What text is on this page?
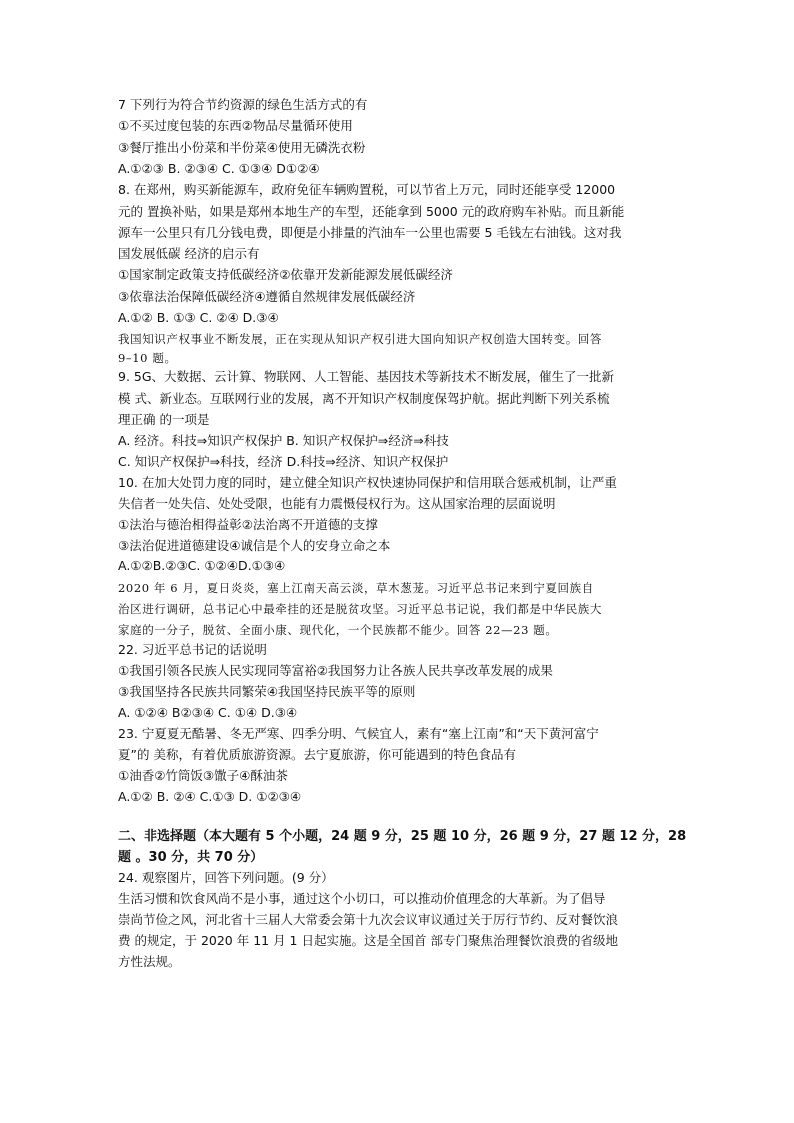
7 下列行为符合节约资源的绿色生活方式的有
①不买过度包装的东西②物品尽量循环使用
③餐厅推出小份菜和半份菜④使用无磷洗衣粉
A.①②③ B. ②③④ C. ①③④ D①②④
8. 在郑州，购买新能源车，政府免征车辆购置税，可以节省上万元，同时还能享受 12000
元的 置换补贴，如果是郑州本地生产的车型，还能拿到 5000 元的政府购车补贴。而且新能
源车一公里只有几分钱电费，即便是小排量的汽油车一公里也需要 5 毛钱左右油钱。这对我
国发展低碳 经济的启示有
①国家制定政策支持低碳经济②依靠开发新能源发展低碳经济
③依靠法治保障低碳经济④遵循自然规律发展低碳经济
A.①② B. ①③ C. ②④ D.③④
我国知识产权事业不断发展，正在实现从知识产权引进大国向知识产权创造大国转变。回答
9–10 题。
9. 5G、大数据、云计算、物联网、人工智能、基因技术等新技术不断发展，催生了一批新
模 式、新业态。互联网行业的发展，离不开知识产权制度保驾护航。据此判断下列关系梳
理正确 的一项是
A. 经济。科技⇒知识产权保护 B. 知识产权保护⇒经济⇒科技
C. 知识产权保护⇒科技，经济 D.科技⇒经济、知识产权保护
10. 在加大处罚力度的同时，建立健全知识产权快速协同保护和信用联合惩戒机制，让严重
失信者一处失信、处处受限，也能有力震慑侵权行为。这从国家治理的层面说明
①法治与德治相得益彰②法治离不开道德的支撑
③法治促进道德建设④诚信是个人的安身立命之本
A.①②B.②③C. ①②④D.①③④
2020 年 6 月，夏日炎炎，塞上江南天高云淡，草木葱茏。习近平总书记来到宁夏回族自
治区进行调研，总书记心中最牵挂的还是脱贫攻坚。习近平总书记说，我们都是中华民族大
家庭的一分子，脱贫、全面小康、现代化，一个民族都不能少。回答 22—23 题。
22. 习近平总书记的话说明
①我国引领各民族人民实现同等富裕②我国努力让各族人民共享改革发展的成果
③我国坚持各民族共同繁荣④我国坚持民族平等的原则
A. ①②④ B②③④ C. ①④ D.③④
23. 宁夏夏无酷暑、冬无严寒、四季分明、气候宜人，素有“塞上江南”和“天下黄河富宁
夏”的 美称，有着优质旅游资源。去宁夏旅游，你可能遇到的特色食品有
①油香②竹筒饭③馓子④酥油茶
A.①② B. ②④ C.①③ D. ①②③④
二、非选择题（本大题有 5 个小题，24 题 9 分，25 题 10 分，26 题 9 分，27 题 12 分，28
题 。30 分，共 70 分）
24. 观察图片，回答下列问题。(9 分）
生活习惯和饮食风尚不是小事，通过这个小切口，可以推动价值理念的大革新。为了倡导
崇尚节俭之风，河北省十三届人大常委会第十九次会议审议通过关于厉行节约、反对餐饮浪
费 的规定，于 2020 年 11 月 1 日起实施。这是全国首 部专门聚焦治理餐饮浪费的省级地
方性法规。
